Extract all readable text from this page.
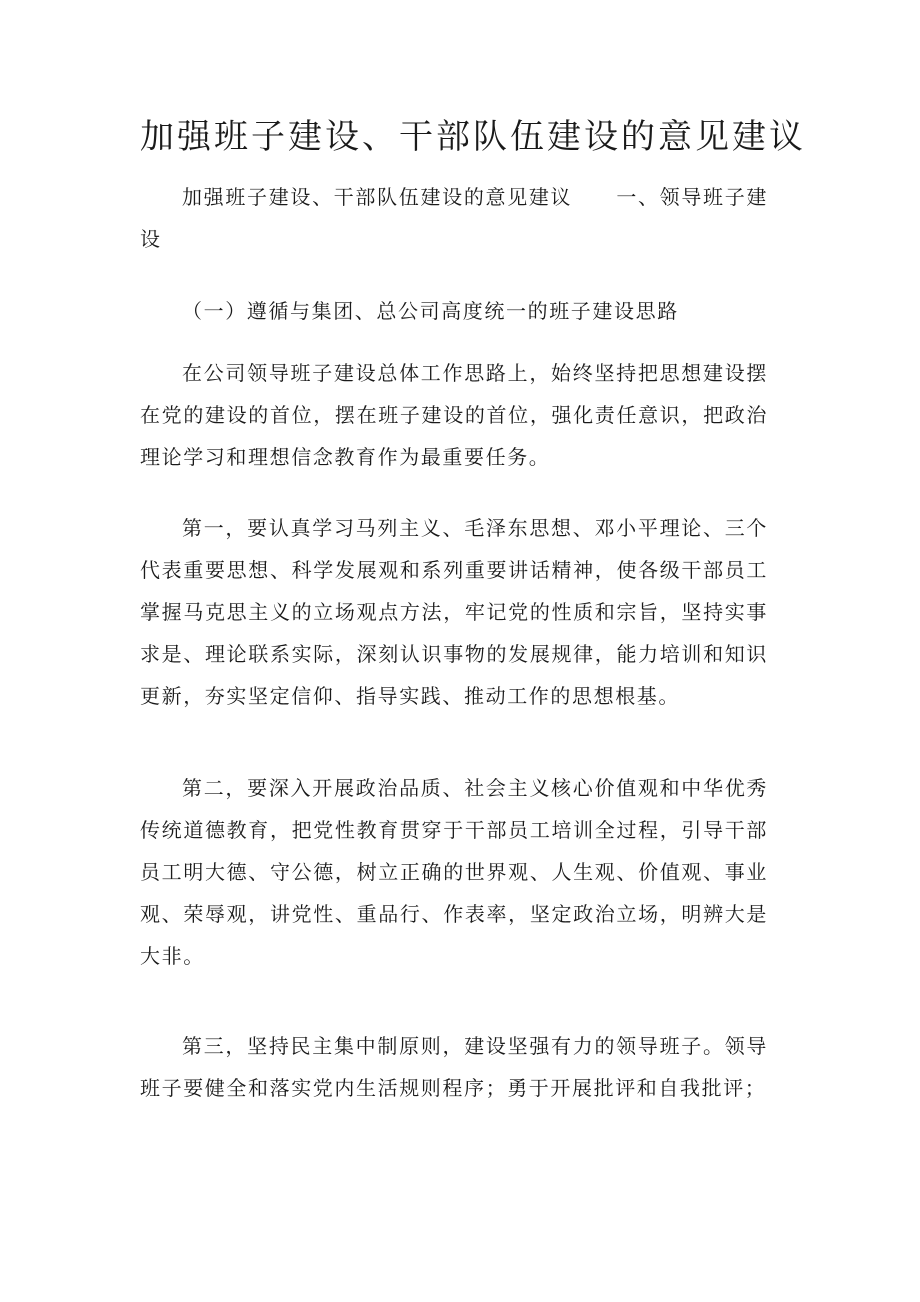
加强班子建设、干部队伍建设的意见建议

加强班子建设、干部队伍建设的意见建议 一、领导班子建设

（一）遵循与集团、总公司高度统一的班子建设思路

在公司领导班子建设总体工作思路上，始终坚持把思想建设摆在党的建设的首位，摆在班子建设的首位，强化责任意识，把政治理论学习和理想信念教育作为最重要任务。

第一，要认真学习马列主义、毛泽东思想、邓小平理论、三个代表重要思想、科学发展观和系列重要讲话精神，使各级干部员工掌握马克思主义的立场观点方法，牢记党的性质和宗旨，坚持实事求是、理论联系实际，深刻认识事物的发展规律，能力培训和知识更新，夯实坚定信仰、指导实践、推动工作的思想根基。

第二，要深入开展政治品质、社会主义核心价值观和中华优秀传统道德教育，把党性教育贯穿于干部员工培训全过程，引导干部员工明大德、守公德，树立正确的世界观、人生观、价值观、事业观、荣辱观，讲党性、重品行、作表率，坚定政治立场，明辨大是大非。

第三，坚持民主集中制原则，建设坚强有力的领导班子。领导班子要健全和落实党内生活规则程序；勇于开展批评和自我批评；
